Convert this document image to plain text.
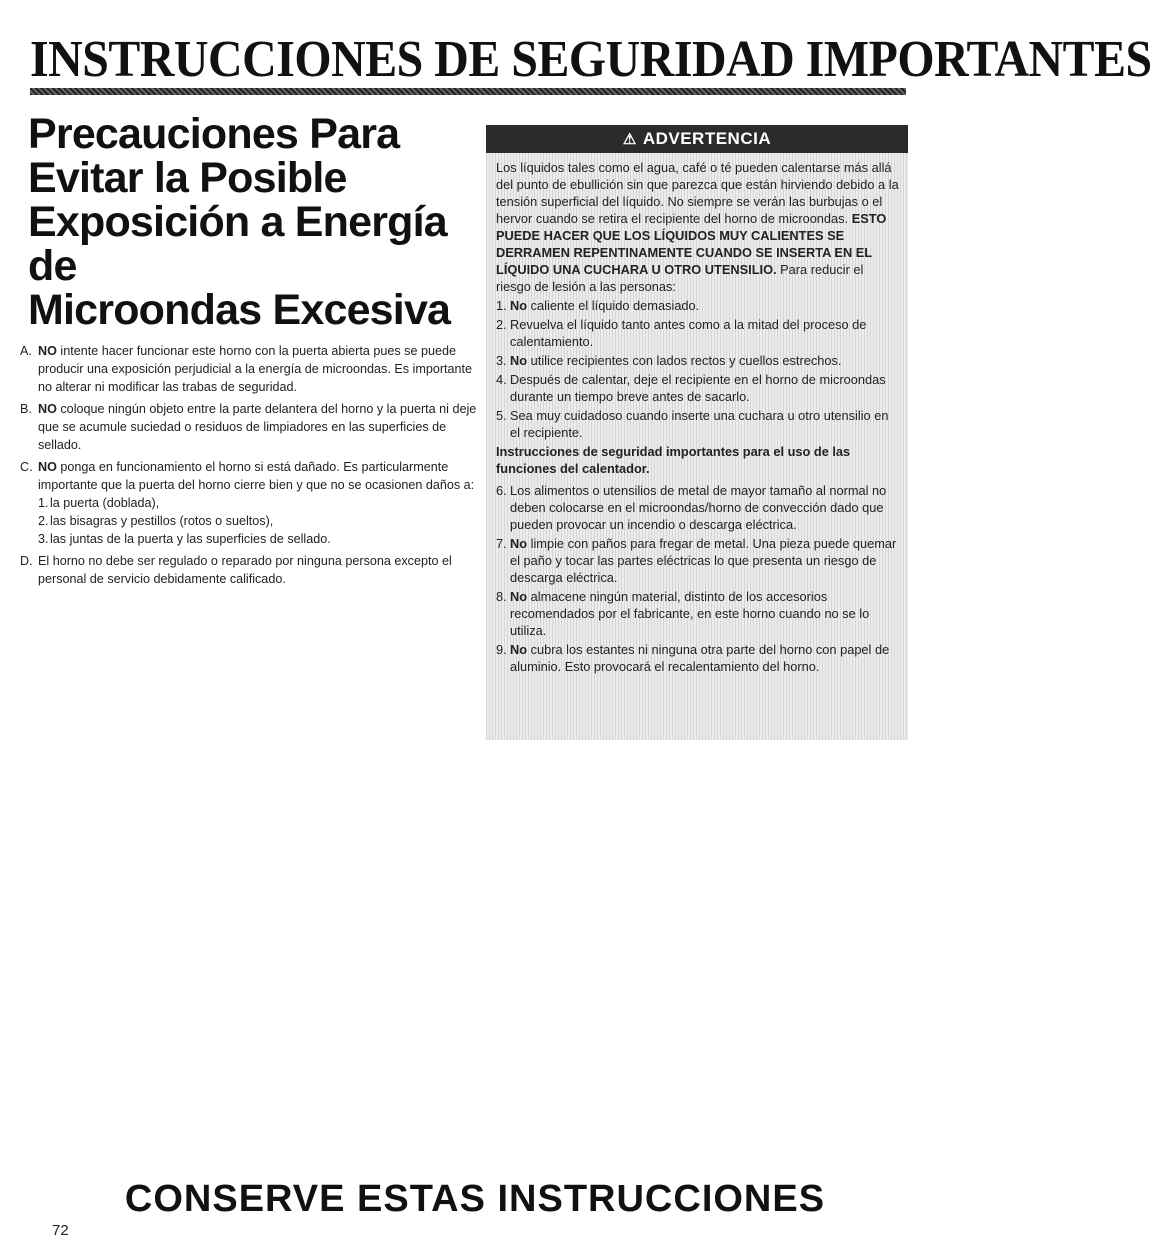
INSTRUCCIONES DE SEGURIDAD IMPORTANTES
Precauciones Para
Evitar la Posible
Exposición a Energía de
Microondas Excesiva
A. NO intente hacer funcionar este horno con la puerta abierta pues se puede producir una exposición perjudicial a la energía de microondas. Es importante no alterar ni modificar las trabas de seguridad.
B. NO coloque ningún objeto entre la parte delantera del horno y la puerta ni deje que se acumule suciedad o residuos de limpiadores en las superficies de sellado.
C. NO ponga en funcionamiento el horno si está dañado. Es particularmente importante que la puerta del horno cierre bien y que no se ocasionen daños a:
1. la puerta (doblada),
2. las bisagras y pestillos (rotos o sueltos),
3. las juntas de la puerta y las superficies de sellado.
D. El horno no debe ser regulado o reparado por ninguna persona excepto el personal de servicio debidamente calificado.
⚠ ADVERTENCIA

Los líquidos tales como el agua, café o té pueden calentarse más allá del punto de ebullición sin que parezca que están hirviendo debido a la tensión superficial del líquido. No siempre se verán las burbujas o el hervor cuando se retira el recipiente del horno de microondas. ESTO PUEDE HACER QUE LOS LÍQUIDOS MUY CALIENTES SE DERRAMEN REPENTINAMENTE CUANDO SE INSERTA EN EL LÍQUIDO UNA CUCHARA U OTRO UTENSILIO. Para reducir el riesgo de lesión a las personas:

1. No caliente el líquido demasiado.
2. Revuelva el líquido tanto antes como a la mitad del proceso de calentamiento.
3. No utilice recipientes con lados rectos y cuellos estrechos.
4. Después de calentar, deje el recipiente en el horno de microondas durante un tiempo breve antes de sacarlo.
5. Sea muy cuidadoso cuando inserte una cuchara u otro utensilio en el recipiente.

Instrucciones de seguridad importantes para el uso de las funciones del calentador.

6. Los alimentos o utensilios de metal de mayor tamaño al normal no deben colocarse en el microondas/horno de convección dado que pueden provocar un incendio o descarga eléctrica.
7. No limpie con paños para fregar de metal. Una pieza puede quemar el paño y tocar las partes eléctricas lo que presenta un riesgo de descarga eléctrica.
8. No almacene ningún material, distinto de los accesorios recomendados por el fabricante, en este horno cuando no se lo utiliza.
9. No cubra los estantes ni ninguna otra parte del horno con papel de aluminio. Esto provocará el recalentamiento del horno.
CONSERVE ESTAS INSTRUCCIONES
72
